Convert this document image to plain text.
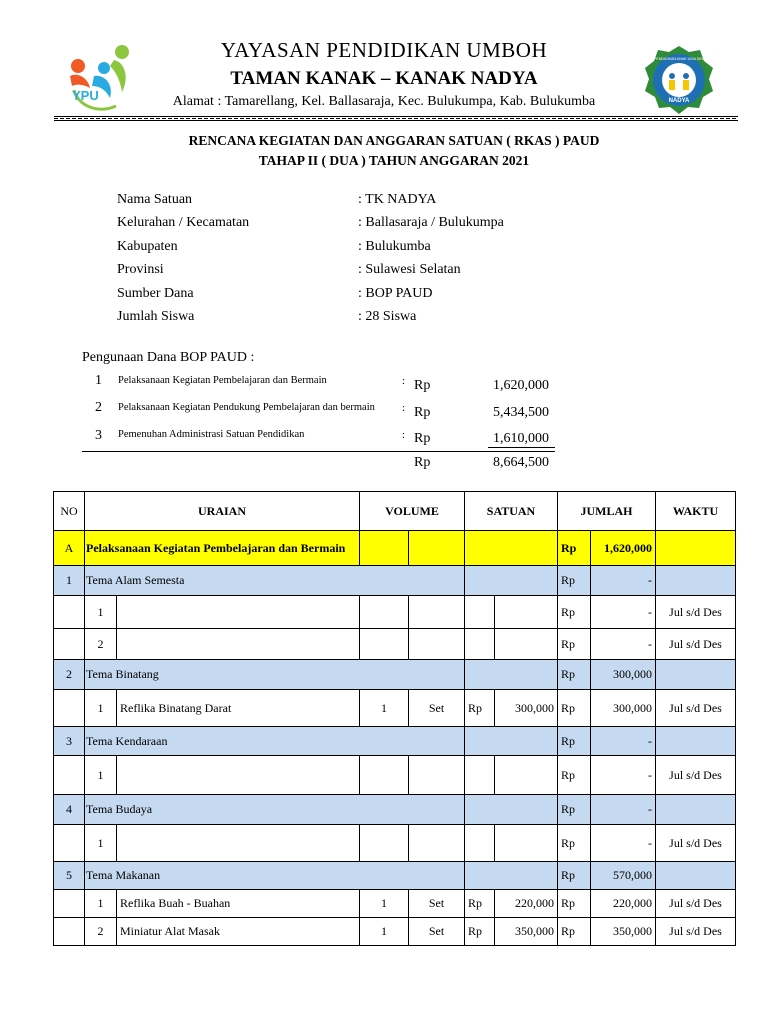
YPU	NADYA
PENDIDIKAN ANAK USIA DINI
YAYASAN PENDIDIKAN UMBOH
TAMAN KANAK – KANAK NADYA
Alamat : Tamarellang, Kel. Ballasaraja, Kec. Bulukumpa, Kab. Bulukumba
RENCANA KEGIATAN DAN ANGGARAN SATUAN ( RKAS ) PAUD
TAHAP II ( DUA ) TAHUN ANGGARAN 2021
Nama Satuan	: TK NADYA
Kelurahan / Kecamatan	: Ballasaraja / Bulukumpa
Kabupaten	: Bulukumba
Provinsi	: Sulawesi Selatan
Sumber Dana	: BOP PAUD
Jumlah Siswa	: 28 Siswa
Pengunaan Dana BOP PAUD :
1 Pelaksanaan Kegiatan Pembelajaran dan Bermain	: Rp	1,620,000
2 Pelaksanaan Kegiatan Pendukung Pembelajaran dan bermain : Rp	5,434,500
3 Pemenuhan Administrasi Satuan Pendidikan	: Rp	1,610,000
Rp	8,664,500
NO	URAIAN		VOLUME		SATUAN		JUMLAH		WAKTU
A	Pelaksanaan Kegiatan Pembelajaran dan Bermain						Rp	1,620,000	
1	Tema Alam Semesta						Rp	-	
	1						Rp	-	Jul s/d Des
	2						Rp	-	Jul s/d Des
2	Tema Binatang						Rp	300,000	
	1	Reflika Binatang Darat	1	Set	Rp	300,000	Rp	300,000	Jul s/d Des
3	Tema Kendaraan						Rp	-	
	1						Rp	-	Jul s/d Des
4	Tema Budaya						Rp	-	
	1						Rp	-	Jul s/d Des
5	Tema Makanan						Rp	570,000	
	1	Reflika Buah - Buahan	1	Set	Rp	220,000	Rp	220,000	Jul s/d Des
	2	Miniatur Alat Masak	1	Set	Rp	350,000	Rp	350,000	Jul s/d Des
